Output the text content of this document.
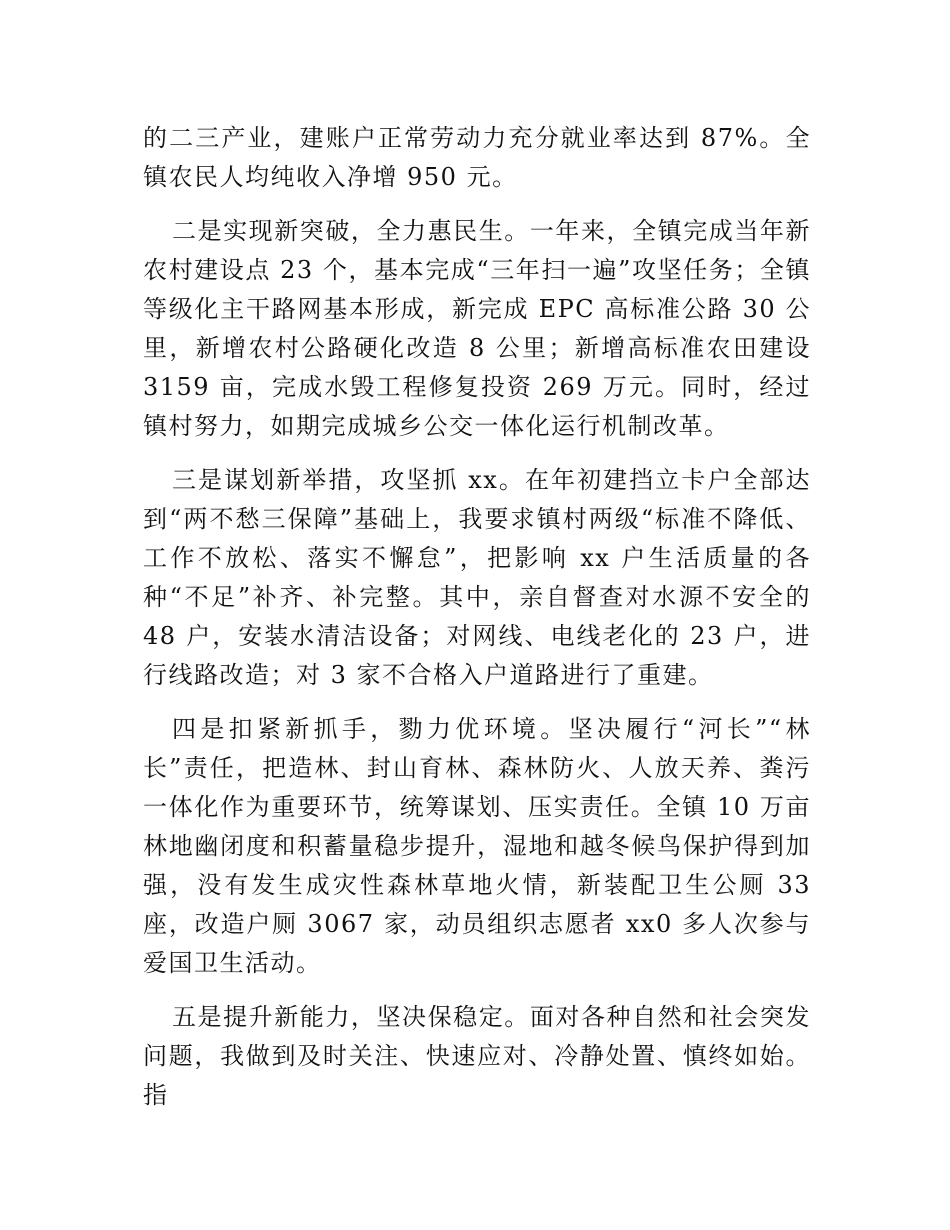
的二三产业，建账户正常劳动力充分就业率达到 87%。全镇农民人均纯收入净增 950 元。

二是实现新突破，全力惠民生。一年来，全镇完成当年新农村建设点 23 个，基本完成“三年扫一遍”攻坚任务；全镇等级化主干路网基本形成，新完成 EPC 高标准公路 30 公里，新增农村公路硬化改造 8 公里；新增高标准农田建设 3159 亩，完成水毁工程修复投资 269 万元。同时，经过镇村努力，如期完成城乡公交一体化运行机制改革。

三是谋划新举措，攻坚抓 xx。在年初建挡立卡户全部达到“两不愁三保障”基础上，我要求镇村两级“标准不降低、工作不放松、落实不懈怠”，把影响 xx 户生活质量的各种“不足”补齐、补完整。其中，亲自督查对水源不安全的 48 户，安装水清洁设备；对网线、电线老化的 23 户，进行线路改造；对 3 家不合格入户道路进行了重建。

四是扣紧新抓手，勠力优环境。坚决履行“河长”“林长”责任，把造林、封山育林、森林防火、人放天养、粪污一体化作为重要环节，统筹谋划、压实责任。全镇 10 万亩林地幽闭度和积蓄量稳步提升，湿地和越冬候鸟保护得到加强，没有发生成灾性森林草地火情，新装配卫生公厕 33 座，改造户厕 3067 家，动员组织志愿者 xx0 多人次参与爱国卫生活动。

五是提升新能力，坚决保稳定。面对各种自然和社会突发问题，我做到及时关注、快速应对、冷静处置、慎终如始。指
